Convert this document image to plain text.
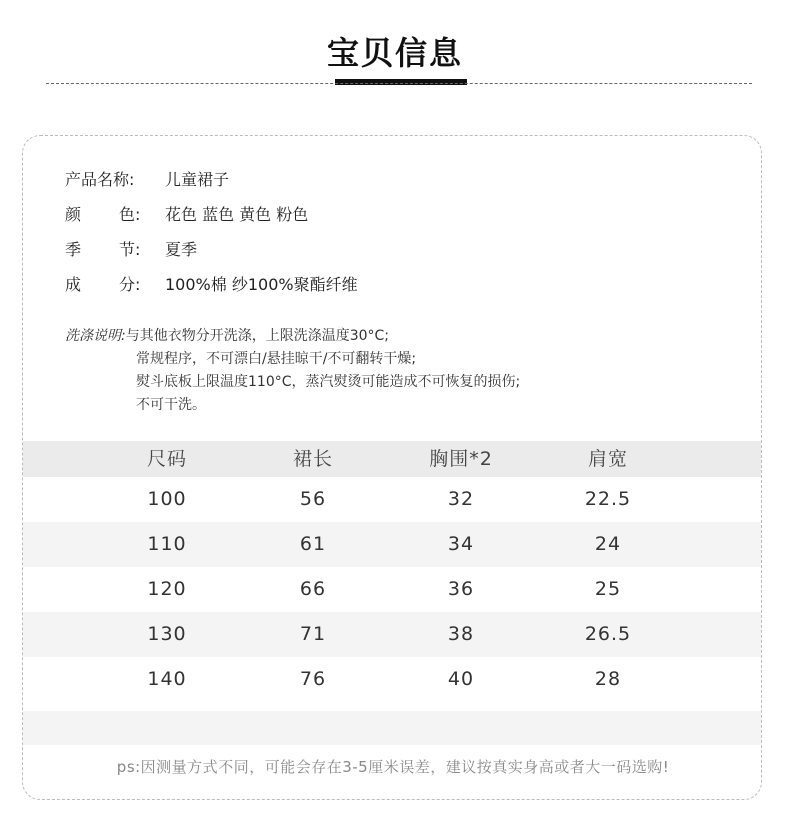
宝贝信息
产品名称: 儿童裙子
颜 色: 花色 蓝色 黄色 粉色
季 节: 夏季
成 分: 100%棉 纱100%聚酯纤维
洗涤说明:与其他衣物分开洗涤，上限洗涤温度30°C;
常规程序，不可漂白/悬挂晾干/不可翻转干燥;
熨斗底板上限温度110°C，蒸汽熨烫可能造成不可恢复的损伤;
不可干洗。
尺码	裙长	胸围*2	肩宽
100	56	32	22.5
110	61	34	24
120	66	36	25
130	71	38	26.5
140	76	40	28
ps:因测量方式不同，可能会存在3-5厘米误差，建议按真实身高或者大一码选购!
